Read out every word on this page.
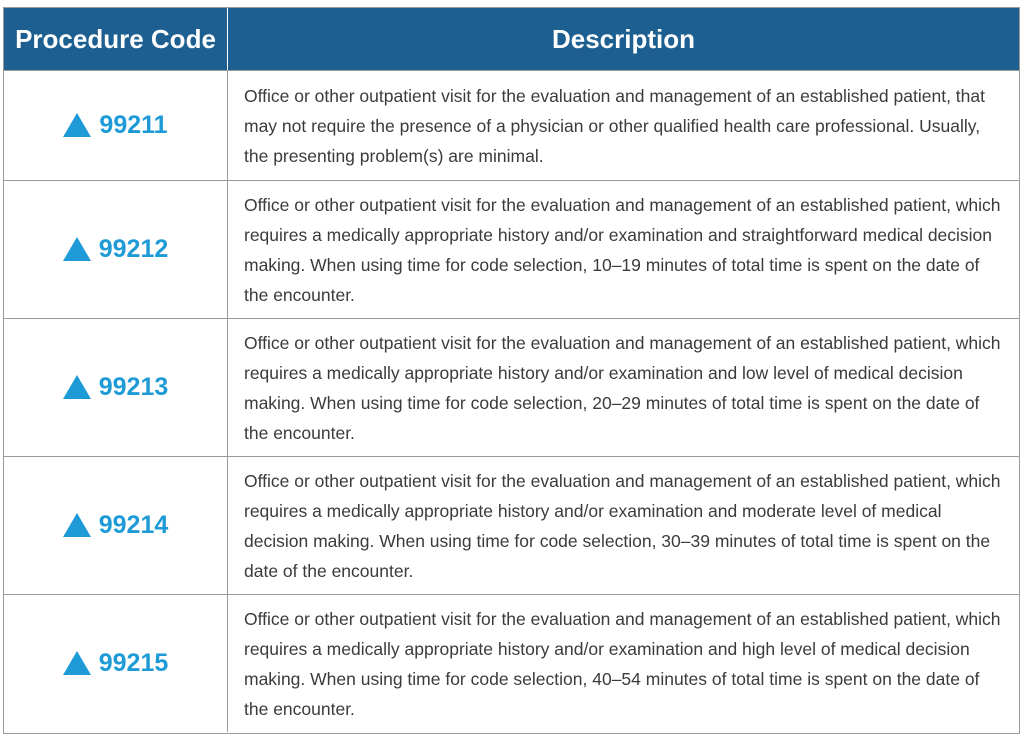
Procedure Code	Description
99211
Office or other outpatient visit for the evaluation and management of an established patient, that may not require the presence of a physician or other qualified health care professional. Usually, the presenting problem(s) are minimal.
99212
Office or other outpatient visit for the evaluation and management of an established patient, which requires a medically appropriate history and/or examination and straightforward medical decision making. When using time for code selection, 10–19 minutes of total time is spent on the date of the encounter.
99213
Office or other outpatient visit for the evaluation and management of an established patient, which requires a medically appropriate history and/or examination and low level of medical decision making. When using time for code selection, 20–29 minutes of total time is spent on the date of the encounter.
99214
Office or other outpatient visit for the evaluation and management of an established patient, which requires a medically appropriate history and/or examination and moderate level of medical decision making. When using time for code selection, 30–39 minutes of total time is spent on the date of the encounter.
99215
Office or other outpatient visit for the evaluation and management of an established patient, which requires a medically appropriate history and/or examination and high level of medical decision making. When using time for code selection, 40–54 minutes of total time is spent on the date of the encounter.
